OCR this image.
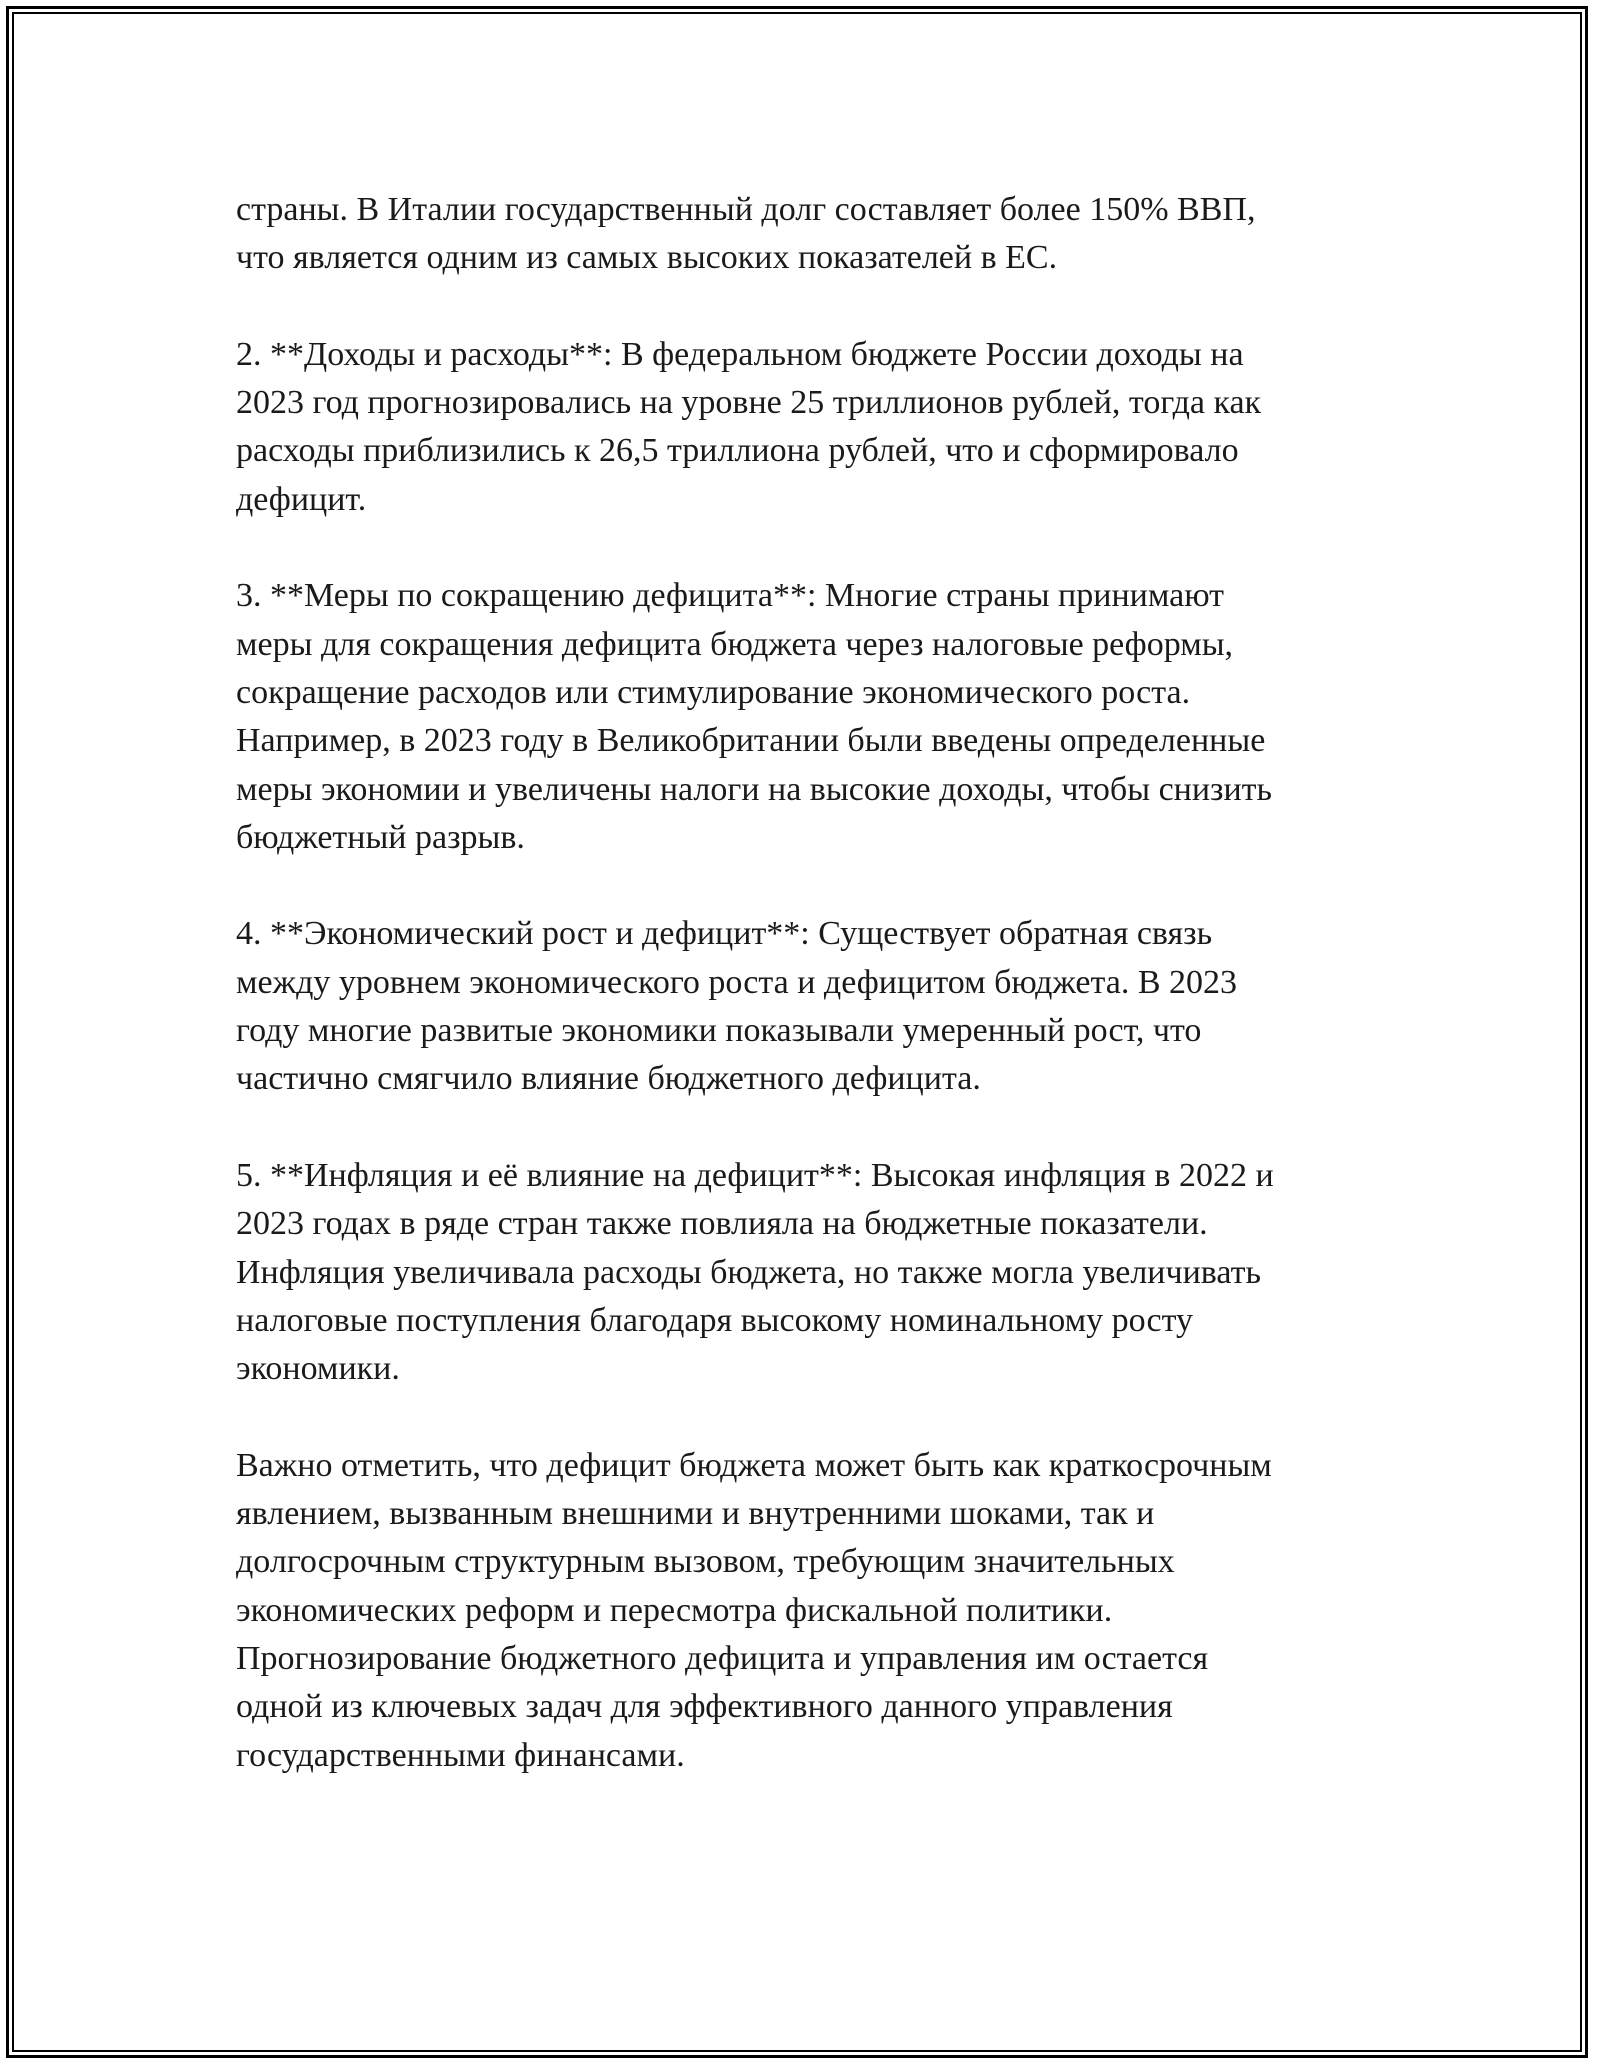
страны. В Италии государственный долг составляет более 150% ВВП,
что является одним из самых высоких показателей в ЕС.

2. **Доходы и расходы**: В федеральном бюджете России доходы на
2023 год прогнозировались на уровне 25 триллионов рублей, тогда как
расходы приблизились к 26,5 триллиона рублей, что и сформировало
дефицит.

3. **Меры по сокращению дефицита**: Многие страны принимают
меры для сокращения дефицита бюджета через налоговые реформы,
сокращение расходов или стимулирование экономического роста.
Например, в 2023 году в Великобритании были введены определенные
меры экономии и увеличены налоги на высокие доходы, чтобы снизить
бюджетный разрыв.

4. **Экономический рост и дефицит**: Существует обратная связь
между уровнем экономического роста и дефицитом бюджета. В 2023
году многие развитые экономики показывали умеренный рост, что
частично смягчило влияние бюджетного дефицита.

5. **Инфляция и её влияние на дефицит**: Высокая инфляция в 2022 и
2023 годах в ряде стран также повлияла на бюджетные показатели.
Инфляция увеличивала расходы бюджета, но также могла увеличивать
налоговые поступления благодаря высокому номинальному росту
экономики.

Важно отметить, что дефицит бюджета может быть как краткосрочным
явлением, вызванным внешними и внутренними шоками, так и
долгосрочным структурным вызовом, требующим значительных
экономических реформ и пересмотра фискальной политики.
Прогнозирование бюджетного дефицита и управления им остается
одной из ключевых задач для эффективного данного управления
государственными финансами.
